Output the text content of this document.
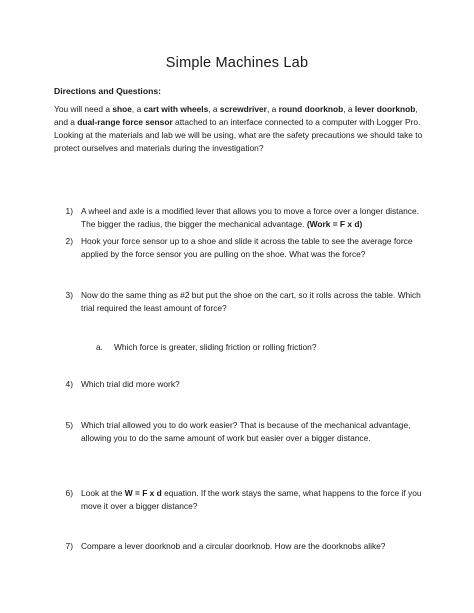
Simple Machines Lab
Directions and Questions:
You will need a shoe, a cart with wheels, a screwdriver, a round doorknob, a lever doorknob, and a dual-range force sensor attached to an interface connected to a computer with Logger Pro. Looking at the materials and lab we will be using, what are the safety precautions we should take to protect ourselves and materials during the investigation?
1) A wheel and axle is a modified lever that allows you to move a force over a longer distance. The bigger the radius, the bigger the mechanical advantage. (Work = F x d)
2) Hook your force sensor up to a shoe and slide it across the table to see the average force applied by the force sensor you are pulling on the shoe. What was the force?
3) Now do the same thing as #2 but put the shoe on the cart, so it rolls across the table. Which trial required the least amount of force?
a.	Which force is greater, sliding friction or rolling friction?
4) Which trial did more work?
5) Which trial allowed you to do work easier? That is because of the mechanical advantage, allowing you to do the same amount of work but easier over a bigger distance.
6) Look at the W = F x d equation. If the work stays the same, what happens to the force if you move it over a bigger distance?
7) Compare a lever doorknob and a circular doorknob. How are the doorknobs alike?
